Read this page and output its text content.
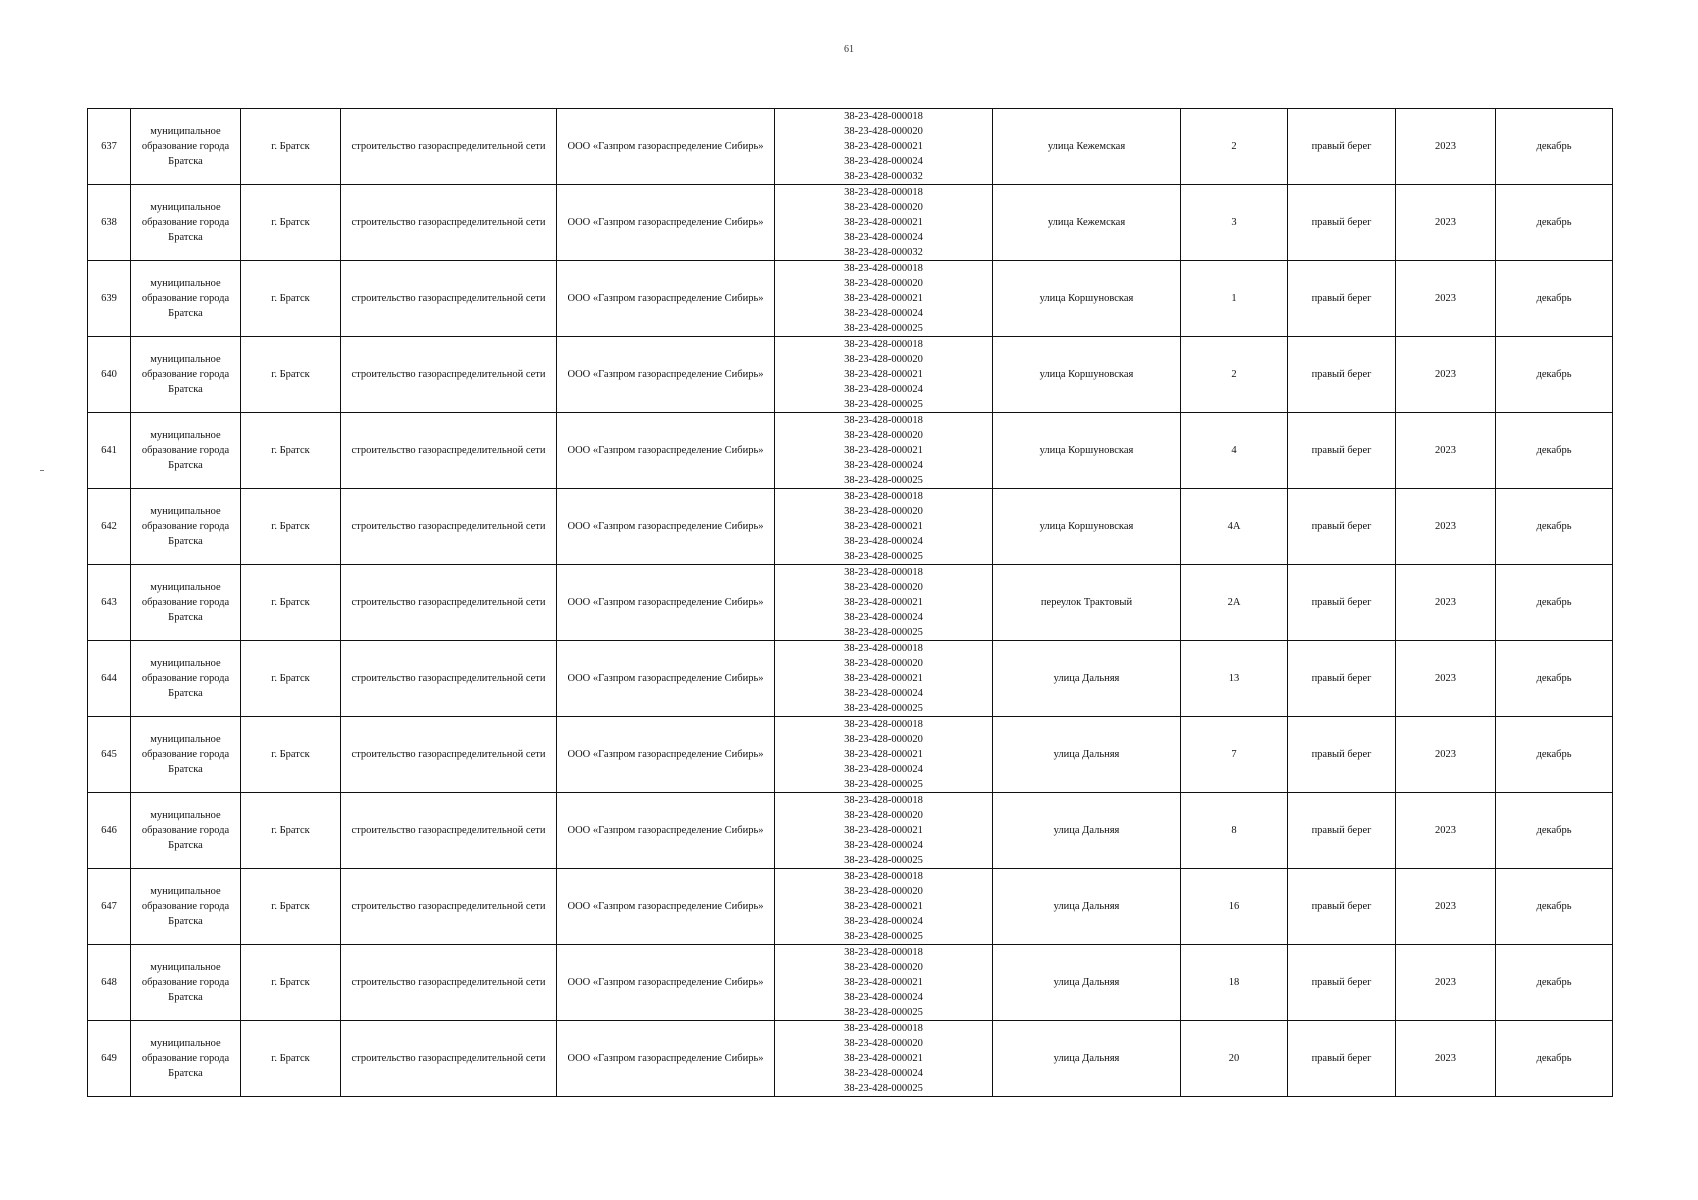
61
637	муниципальное образование города Братска	г. Братск	строительство газораспределительной сети	ООО «Газпром газораспределение Сибирь»	38-23-428-000018
38-23-428-000020
38-23-428-000021
38-23-428-000024
38-23-428-000032	улица Кежемская	2	правый берег	2023	декабрь
638	муниципальное образование города Братска	г. Братск	строительство газораспределительной сети	ООО «Газпром газораспределение Сибирь»	38-23-428-000018
38-23-428-000020
38-23-428-000021
38-23-428-000024
38-23-428-000032	улица Кежемская	3	правый берег	2023	декабрь
639	муниципальное образование города Братска	г. Братск	строительство газораспределительной сети	ООО «Газпром газораспределение Сибирь»	38-23-428-000018
38-23-428-000020
38-23-428-000021
38-23-428-000024
38-23-428-000025	улица Коршуновская	1	правый берег	2023	декабрь
640	муниципальное образование города Братска	г. Братск	строительство газораспределительной сети	ООО «Газпром газораспределение Сибирь»	38-23-428-000018
38-23-428-000020
38-23-428-000021
38-23-428-000024
38-23-428-000025	улица Коршуновская	2	правый берег	2023	декабрь
641	муниципальное образование города Братска	г. Братск	строительство газораспределительной сети	ООО «Газпром газораспределение Сибирь»	38-23-428-000018
38-23-428-000020
38-23-428-000021
38-23-428-000024
38-23-428-000025	улица Коршуновская	4	правый берег	2023	декабрь
642	муниципальное образование города Братска	г. Братск	строительство газораспределительной сети	ООО «Газпром газораспределение Сибирь»	38-23-428-000018
38-23-428-000020
38-23-428-000021
38-23-428-000024
38-23-428-000025	улица Коршуновская	4А	правый берег	2023	декабрь
643	муниципальное образование города Братска	г. Братск	строительство газораспределительной сети	ООО «Газпром газораспределение Сибирь»	38-23-428-000018
38-23-428-000020
38-23-428-000021
38-23-428-000024
38-23-428-000025	переулок Трактовый	2А	правый берег	2023	декабрь
644	муниципальное образование города Братска	г. Братск	строительство газораспределительной сети	ООО «Газпром газораспределение Сибирь»	38-23-428-000018
38-23-428-000020
38-23-428-000021
38-23-428-000024
38-23-428-000025	улица Дальняя	13	правый берег	2023	декабрь
645	муниципальное образование города Братска	г. Братск	строительство газораспределительной сети	ООО «Газпром газораспределение Сибирь»	38-23-428-000018
38-23-428-000020
38-23-428-000021
38-23-428-000024
38-23-428-000025	улица Дальняя	7	правый берег	2023	декабрь
646	муниципальное образование города Братска	г. Братск	строительство газораспределительной сети	ООО «Газпром газораспределение Сибирь»	38-23-428-000018
38-23-428-000020
38-23-428-000021
38-23-428-000024
38-23-428-000025	улица Дальняя	8	правый берег	2023	декабрь
647	муниципальное образование города Братска	г. Братск	строительство газораспределительной сети	ООО «Газпром газораспределение Сибирь»	38-23-428-000018
38-23-428-000020
38-23-428-000021
38-23-428-000024
38-23-428-000025	улица Дальняя	16	правый берег	2023	декабрь
648	муниципальное образование города Братска	г. Братск	строительство газораспределительной сети	ООО «Газпром газораспределение Сибирь»	38-23-428-000018
38-23-428-000020
38-23-428-000021
38-23-428-000024
38-23-428-000025	улица Дальняя	18	правый берег	2023	декабрь
649	муниципальное образование города Братска	г. Братск	строительство газораспределительной сети	ООО «Газпром газораспределение Сибирь»	38-23-428-000018
38-23-428-000020
38-23-428-000021
38-23-428-000024
38-23-428-000025	улица Дальняя	20	правый берег	2023	декабрь
